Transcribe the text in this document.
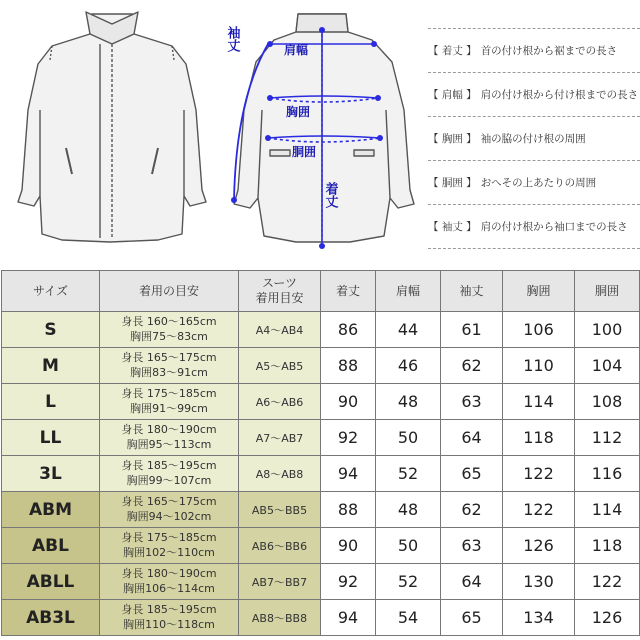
袖丈	肩幅
胸囲
胴囲
着丈
【 着丈 】 首の付け根から裾までの長さ
【 肩幅 】 肩の付け根から付け根までの長さ
【 胸囲 】 袖の脇の付け根の周囲
【 胴囲 】 おへその上あたりの周囲
【 袖丈 】 肩の付け根から袖口までの長さ
サイズ	着用の目安	スーツ
着用目安	着丈	肩幅	袖丈	胸囲	胴囲
S	身長 160～165cm
胸囲75～83cm	A4～AB4	86	44	61	106	100
M	身長 165～175cm
胸囲83～91cm	A5～AB5	88	46	62	110	104
L	身長 175～185cm
胸囲91～99cm	A6～AB6	90	48	63	114	108
LL	身長 180～190cm
胸囲95～113cm	A7～AB7	92	50	64	118	112
3L	身長 185～195cm
胸囲99～107cm	A8～AB8	94	52	65	122	116
ABM	身長 165～175cm
胸囲94～102cm	AB5～BB5	88	48	62	122	114
ABL	身長 175～185cm
胸囲102～110cm	AB6～BB6	90	50	63	126	118
ABLL	身長 180～190cm
胸囲106～114cm	AB7～BB7	92	52	64	130	122
AB3L	身長 185～195cm
胸囲110～118cm	AB8～BB8	94	54	65	134	126
